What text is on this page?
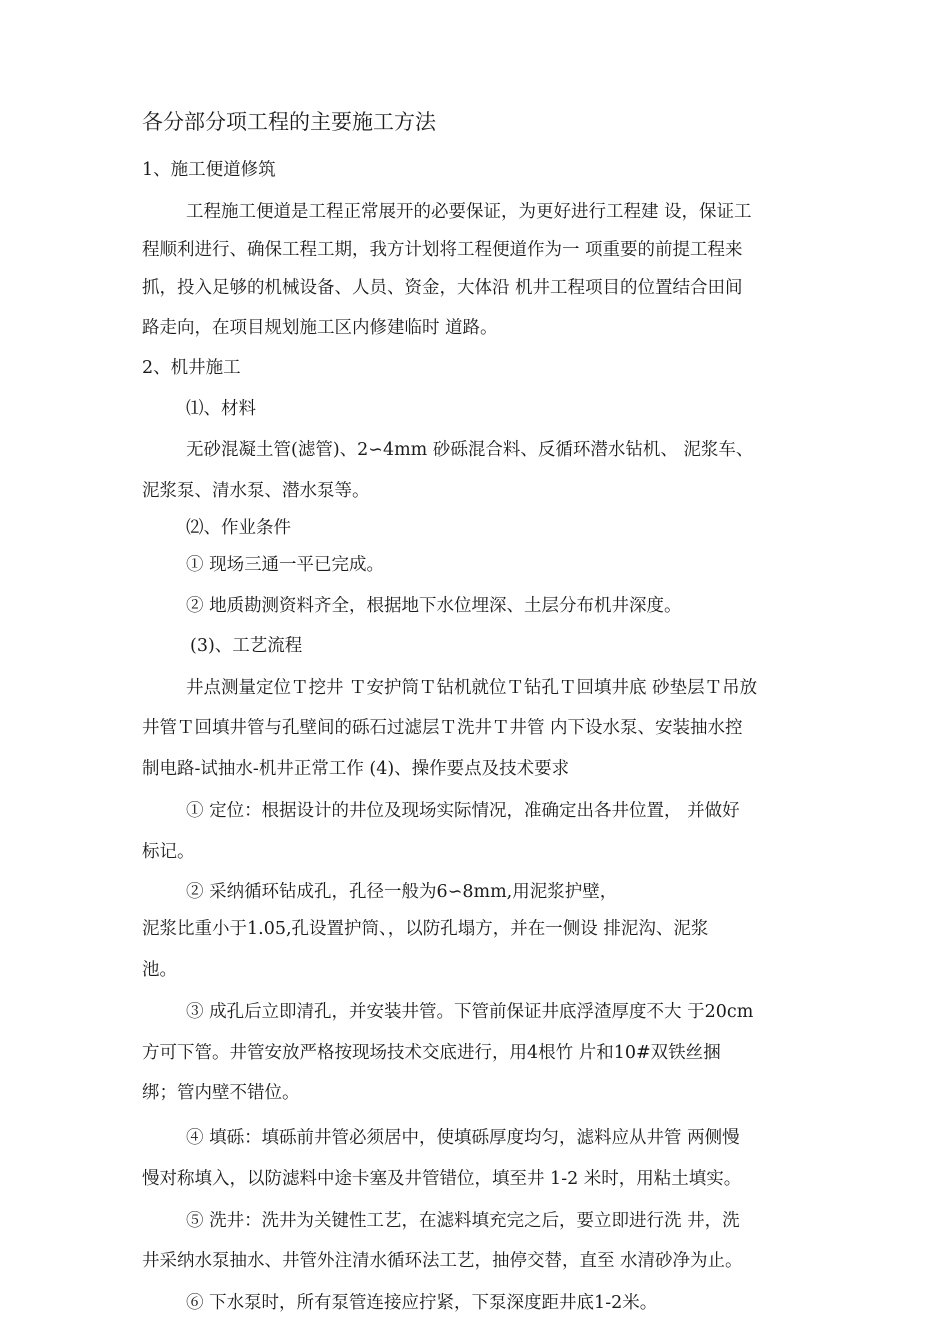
各分部分项工程的主要施工方法
1、施工便道修筑
工程施工便道是工程正常展开的必要保证，为更好进行工程建 设，保证工
程顺利进行、确保工程工期，我方计划将工程便道作为一 项重要的前提工程来
抓，投入足够的机械设备、人员、资金，大体沿 机井工程项目的位置结合田间
路走向，在项目规划施工区内修建临时 道路。
2、机井施工
⑴、材料
无砂混凝土管(滤管)、2∽4mm 砂砾混合料、反循环潜水钻机、 泥浆车、
泥浆泵、清水泵、潜水泵等。
⑵、作业条件
① 现场三通一平已完成。
② 地质勘测资料齐全，根据地下水位埋深、土层分布机井深度。
(3)、工艺流程
井点测量定位Ｔ挖井 Ｔ安护筒Ｔ钻机就位Ｔ钻孔Ｔ回填井底 砂垫层Ｔ吊放
井管Ｔ回填井管与孔壁间的砾石过滤层Ｔ洗井Ｔ井管 内下设水泵、安装抽水控
制电路-试抽水-机井正常工作 (4)、操作要点及技术要求
① 定位：根据设计的井位及现场实际情况，准确定出各井位置， 并做好
标记。
② 采纳循环钻成孔，孔径一般为6∽8mm,用泥浆护壁，
泥浆比重小于1.05,孔设置护筒、，以防孔塌方，并在一侧设 排泥沟、泥浆
池。
③ 成孔后立即清孔，并安装井管。下管前保证井底浮渣厚度不大 于20cm
方可下管。井管安放严格按现场技术交底进行，用4根竹 片和10#双铁丝捆
绑；管内壁不错位。
④ 填砾：填砾前井管必须居中，使填砾厚度均匀，滤料应从井管 两侧慢
慢对称填入，以防滤料中途卡塞及井管错位，填至井 1-2 米时，用粘土填实。
⑤ 洗井：洗井为关键性工艺，在滤料填充完之后，要立即进行洗 井，洗
井采纳水泵抽水、井管外注清水循环法工艺，抽停交替，直至 水清砂净为止。
⑥ 下水泵时，所有泵管连接应拧紧，下泵深度距井底1-2米。
